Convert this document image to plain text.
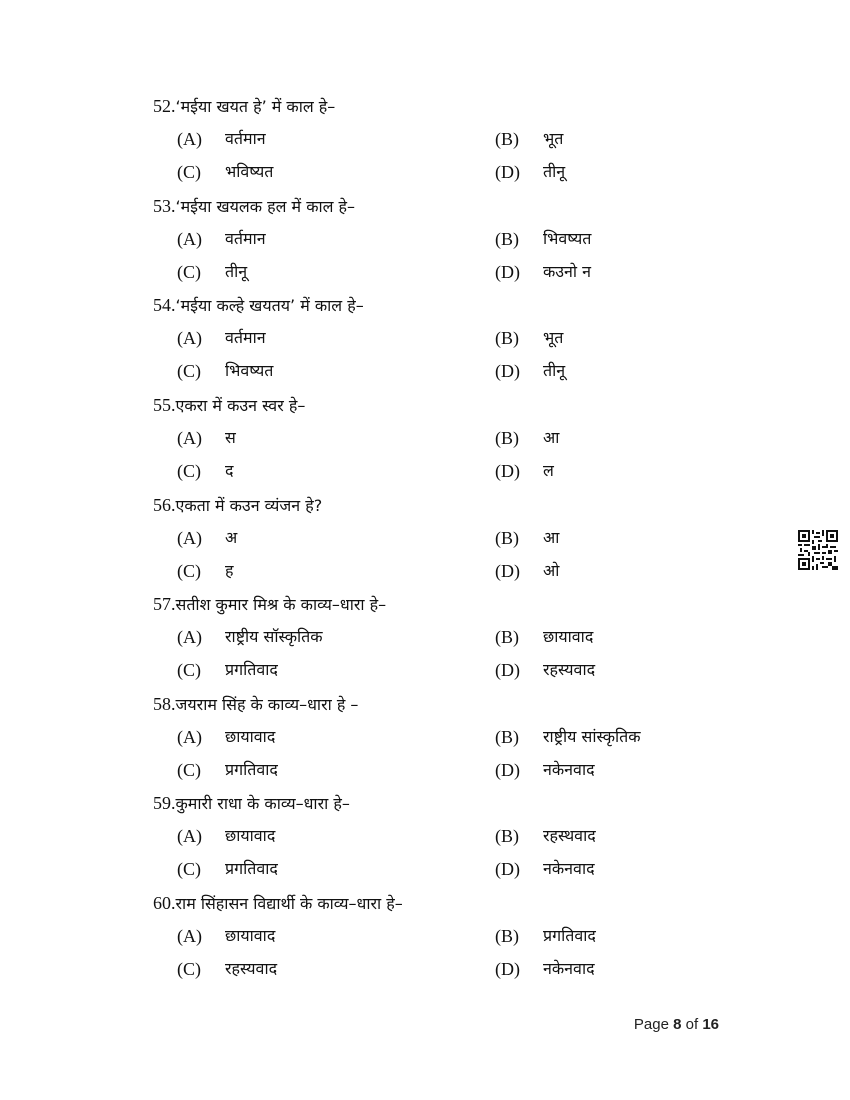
52.‘मईया खयत हे’ में काल हे–
(A) वर्तमान	(B) भूत
(C) भविष्यत	(D) तीनू
53.‘मईया खयलक हल में काल हे–
(A) वर्तमान	(B) भिवष्यत
(C) तीनू	(D) कउनो न
54.‘मईया कल्हे खयतय’ में काल हे–
(A) वर्तमान	(B) भूत
(C) भिवष्यत	(D) तीनू
55.एकरा में कउन स्वर हे–
(A) स	(B) आ
(C) द	(D) ल
56.एकता में कउन व्यंजन हे?
(A) अ	(B) आ
(C) ह	(D) ओ
57.सतीश कुमार मिश्र के काव्य–धारा हे–
(A) राष्ट्रीय सॉस्कृतिक	(B) छायावाद
(C) प्रगतिवाद	(D) रहस्यवाद
58.जयराम सिंह के काव्य–धारा हे –
(A) छायावाद	(B) राष्ट्रीय सांस्कृतिक
(C) प्रगतिवाद	(D) नकेनवाद
59.कुमारी राधा के काव्य–धारा हे–
(A) छायावाद	(B) रहस्थवाद
(C) प्रगतिवाद	(D) नकेनवाद
60.राम सिंहासन विद्यार्थी के काव्य–धारा हे–
(A) छायावाद	(B) प्रगतिवाद
(C) रहस्यवाद	(D) नकेनवाद
Page 8 of 16
